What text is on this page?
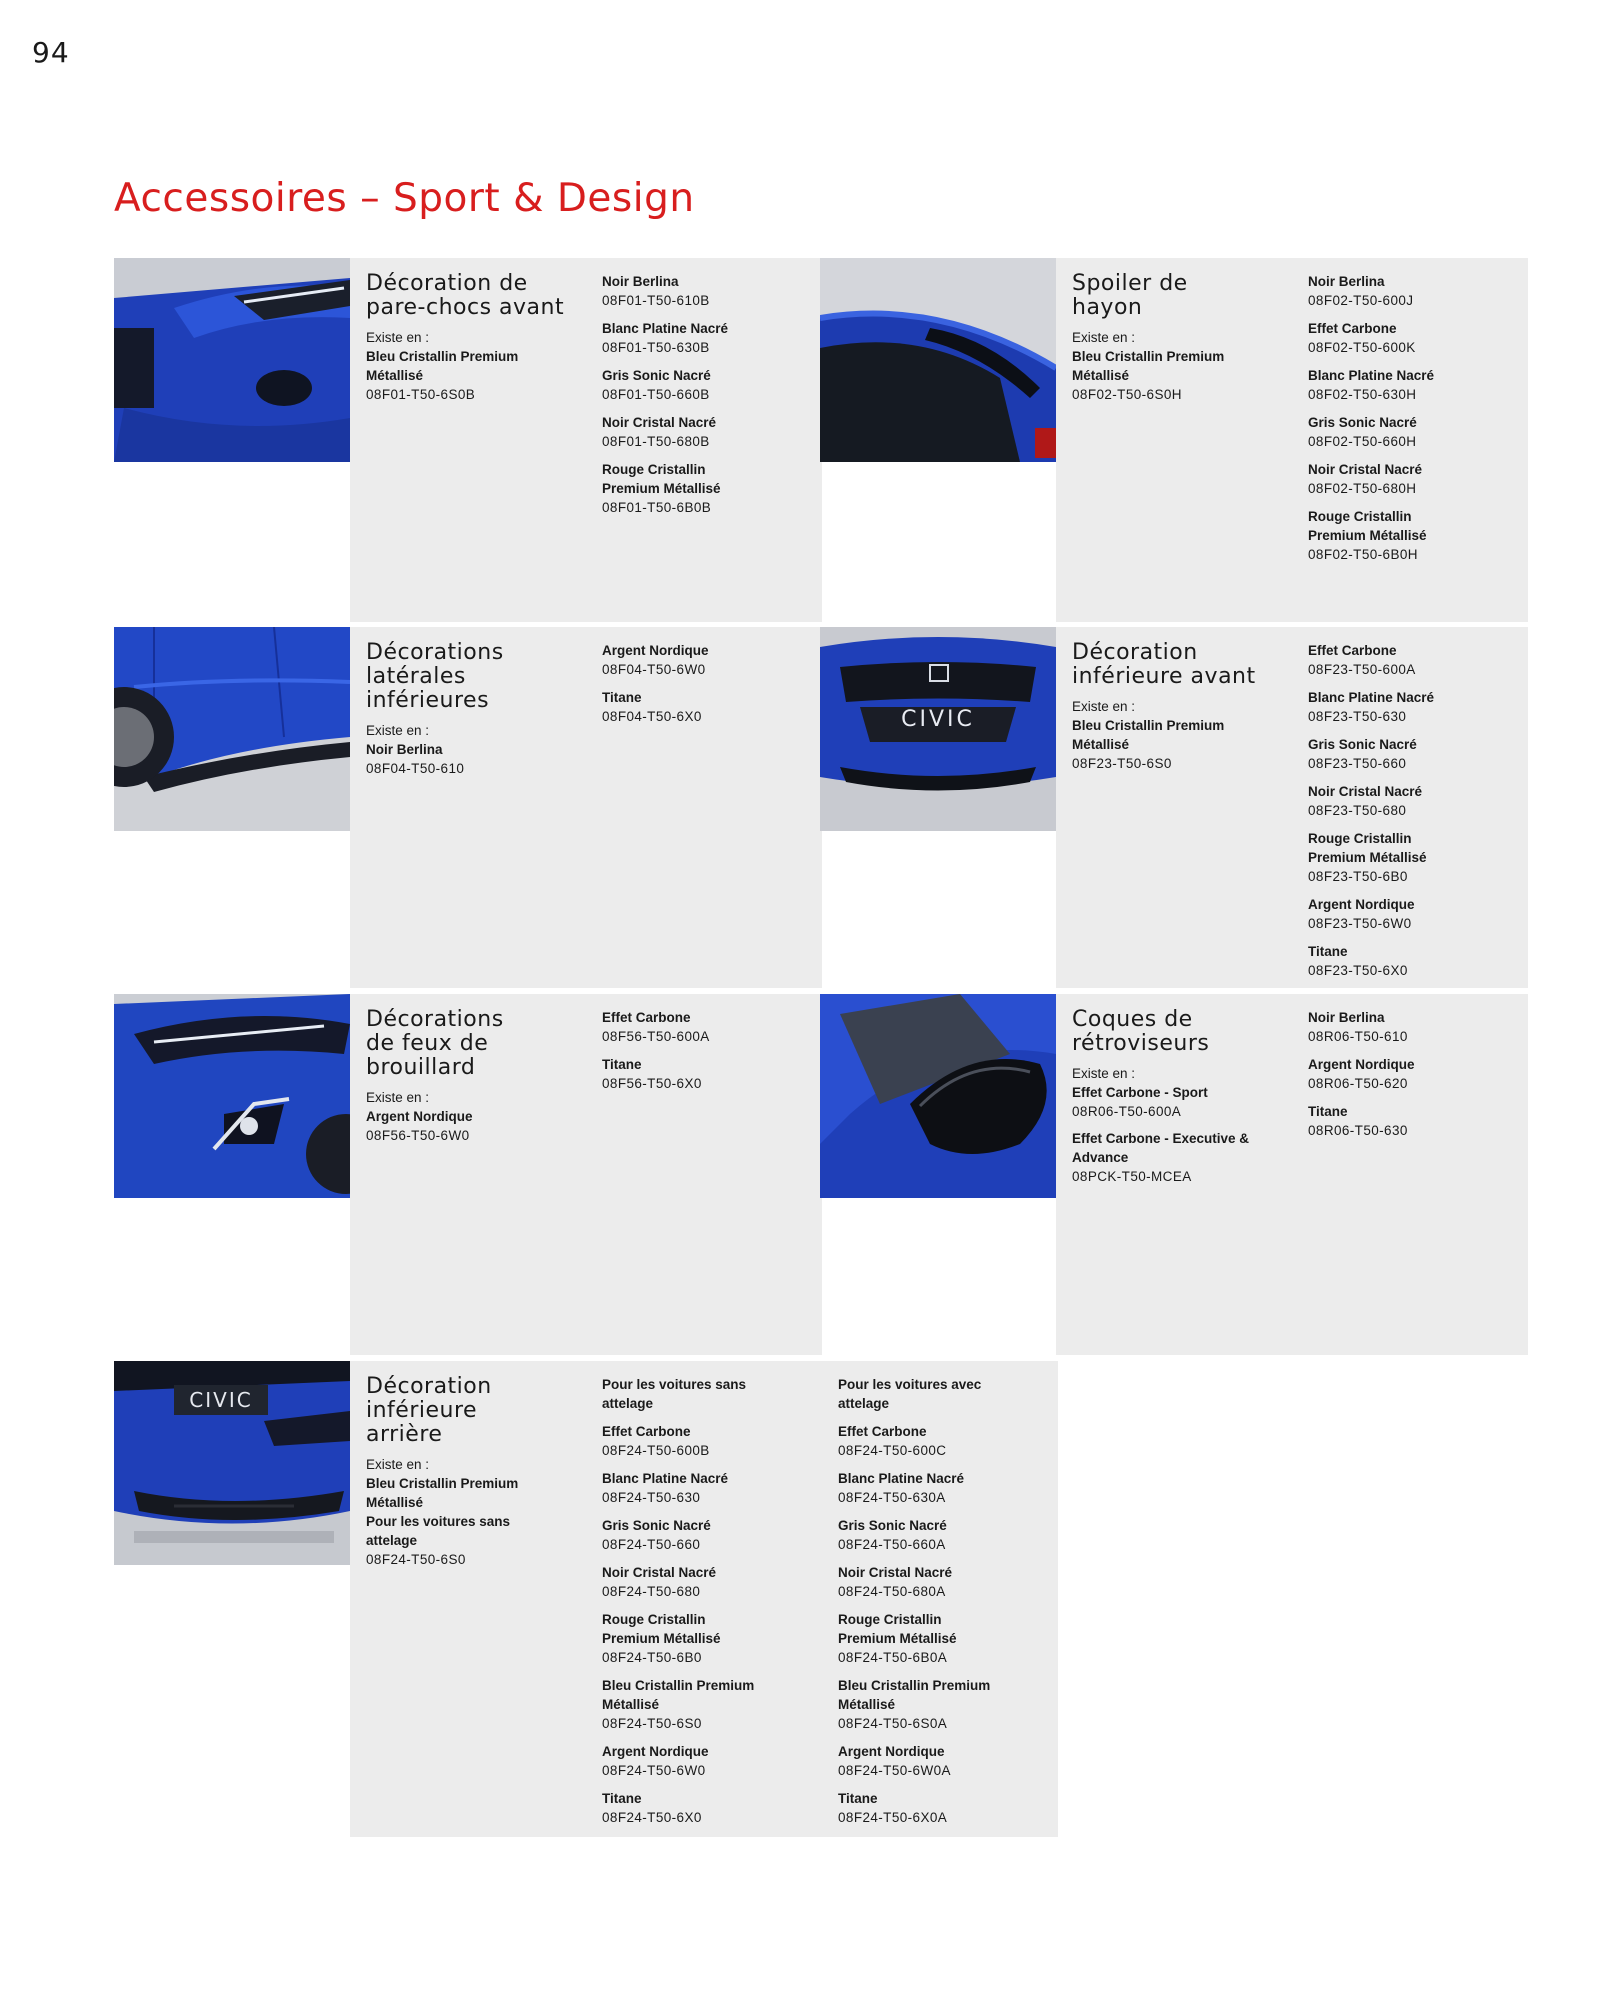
94
Accessoires – Sport & Design
Décoration de pare-chocs avant
Existe en :
Bleu Cristallin Premium Métallisé
08F01-T50-6S0B
Noir Berlina
08F01-T50-610B
Blanc Platine Nacré
08F01-T50-630B
Gris Sonic Nacré
08F01-T50-660B
Noir Cristal Nacré
08F01-T50-680B
Rouge Cristallin Premium Métallisé
08F01-T50-6B0B
Spoiler de hayon
Existe en :
Bleu Cristallin Premium Métallisé
08F02-T50-6S0H
Noir Berlina
08F02-T50-600J
Effet Carbone
08F02-T50-600K
Blanc Platine Nacré
08F02-T50-630H
Gris Sonic Nacré
08F02-T50-660H
Noir Cristal Nacré
08F02-T50-680H
Rouge Cristallin Premium Métallisé
08F02-T50-6B0H
Décorations latérales inférieures
Existe en :
Noir Berlina
08F04-T50-610
Argent Nordique
08F04-T50-6W0
Titane
08F04-T50-6X0	CIVIC
Décoration inférieure avant
Existe en :
Bleu Cristallin Premium Métallisé
08F23-T50-6S0
Effet Carbone
08F23-T50-600A
Blanc Platine Nacré
08F23-T50-630
Gris Sonic Nacré
08F23-T50-660
Noir Cristal Nacré
08F23-T50-680
Rouge Cristallin Premium Métallisé
08F23-T50-6B0
Argent Nordique
08F23-T50-6W0
Titane
08F23-T50-6X0
Décorations de feux de brouillard
Existe en :
Argent Nordique
08F56-T50-6W0
Effet Carbone
08F56-T50-600A
Titane
08F56-T50-6X0
Coques de rétroviseurs
Existe en :
Effet Carbone - Sport
08R06-T50-600A
Effet Carbone - Executive & Advance
08PCK-T50-MCEA
Noir Berlina
08R06-T50-610
Argent Nordique
08R06-T50-620
Titane
08R06-T50-630
CIVIC
Décoration inférieure arrière
Existe en :
Bleu Cristallin Premium Métallisé
Pour les voitures sans attelage
08F24-T50-6S0
Pour les voitures sans attelage
Effet Carbone
08F24-T50-600B
Blanc Platine Nacré
08F24-T50-630
Gris Sonic Nacré
08F24-T50-660
Noir Cristal Nacré
08F24-T50-680
Rouge Cristallin Premium Métallisé
08F24-T50-6B0
Bleu Cristallin Premium Métallisé
08F24-T50-6S0
Argent Nordique
08F24-T50-6W0
Titane
08F24-T50-6X0
Pour les voitures avec attelage
Effet Carbone
08F24-T50-600C
Blanc Platine Nacré
08F24-T50-630A
Gris Sonic Nacré
08F24-T50-660A
Noir Cristal Nacré
08F24-T50-680A
Rouge Cristallin Premium Métallisé
08F24-T50-6B0A
Bleu Cristallin Premium Métallisé
08F24-T50-6S0A
Argent Nordique
08F24-T50-6W0A
Titane
08F24-T50-6X0A
